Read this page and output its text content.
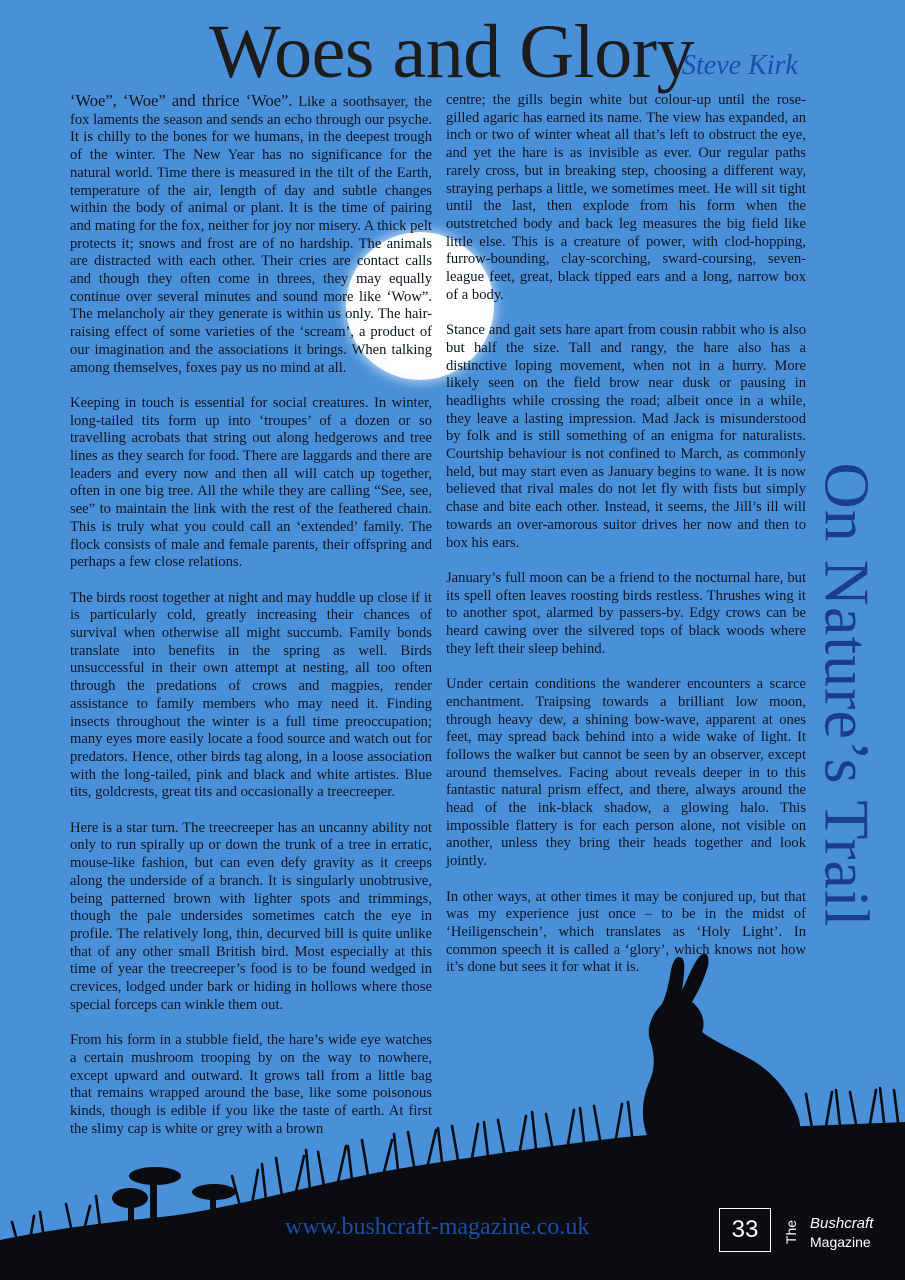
Woes and Glory
Steve Kirk

‘Woe”, ‘Woe” and thrice ‘Woe”. Like a soothsayer, the fox laments the season and sends an echo through our psyche. It is chilly to the bones for we humans, in the deepest trough of the winter. The New Year has no significance for the natural world. Time there is measured in the tilt of the Earth, temperature of the air, length of day and subtle changes within the body of animal or plant. It is the time of pairing and mating for the fox, neither for joy nor misery. A thick pelt protects it; snows and frost are of no hardship. The animals are distracted with each other. Their cries are contact calls and though they often come in threes, they may equally continue over several minutes and sound more like ‘Wow”. The melancholy air they generate is within us only. The hair-raising effect of some varieties of the ‘scream’, a product of our imagination and the associations it brings. When talking among themselves, foxes pay us no mind at all.

Keeping in touch is essential for social creatures. In winter, long-tailed tits form up into ‘troupes’ of a dozen or so travelling acrobats that string out along hedgerows and tree lines as they search for food. There are laggards and there are leaders and every now and then all will catch up together, often in one big tree. All the while they are calling “See, see, see” to maintain the link with the rest of the feathered chain. This is truly what you could call an ‘extended’ family. The flock consists of male and female parents, their offspring and perhaps a few close relations.

The birds roost together at night and may huddle up close if it is particularly cold, greatly increasing their chances of survival when otherwise all might succumb. Family bonds translate into benefits in the spring as well. Birds unsuccessful in their own attempt at nesting, all too often through the predations of crows and magpies, render assistance to family members who may need it. Finding insects throughout the winter is a full time preoccupation; many eyes more easily locate a food source and watch out for predators. Hence, other birds tag along, in a loose association with the long-tailed, pink and black and white artistes. Blue tits, goldcrests, great tits and occasionally a treecreeper.

Here is a star turn. The treecreeper has an uncanny ability not only to run spirally up or down the trunk of a tree in erratic, mouse-like fashion, but can even defy gravity as it creeps along the underside of a branch. It is singularly unobtrusive, being patterned brown with lighter spots and trimmings, though the pale undersides sometimes catch the eye in profile. The relatively long, thin, decurved bill is quite unlike that of any other small British bird. Most especially at this time of year the treecreeper’s food is to be found wedged in crevices, lodged under bark or hiding in hollows where those special forceps can winkle them out.

From his form in a stubble field, the hare’s wide eye watches a certain mushroom trooping by on the way to nowhere, except upward and outward. It grows tall from a little bag that remains wrapped around the base, like some poisonous kinds, though is edible if you like the taste of earth. At first the slimy cap is white or grey with a brown

centre; the gills begin white but colour-up until the rose-gilled agaric has earned its name. The view has expanded, an inch or two of winter wheat all that’s left to obstruct the eye, and yet the hare is as invisible as ever. Our regular paths rarely cross, but in breaking step, choosing a different way, straying perhaps a little, we sometimes meet. He will sit tight until the last, then explode from his form when the outstretched body and back leg measures the big field like little else. This is a creature of power, with clod-hopping, furrow-bounding, clay-scorching, sward-coursing, seven-league feet, great, black tipped ears and a long, narrow box of a body.

Stance and gait sets hare apart from cousin rabbit who is also but half the size. Tall and rangy, the hare also has a distinctive loping movement, when not in a hurry. More likely seen on the field brow near dusk or pausing in headlights while crossing the road; albeit once in a while, they leave a lasting impression. Mad Jack is misunderstood by folk and is still something of an enigma for naturalists. Courtship behaviour is not confined to March, as commonly held, but may start even as January begins to wane. It is now believed that rival males do not let fly with fists but simply chase and bite each other. Instead, it seems, the Jill’s ill will towards an over-amorous suitor drives her now and then to box his ears.

January’s full moon can be a friend to the nocturnal hare, but its spell often leaves roosting birds restless. Thrushes wing it to another spot, alarmed by passers-by. Edgy crows can be heard cawing over the silvered tops of black woods where they left their sleep behind.

Under certain conditions the wanderer encounters a scarce enchantment. Traipsing towards a brilliant low moon, through heavy dew, a shining bow-wave, apparent at ones feet, may spread back behind into a wide wake of light. It follows the walker but cannot be seen by an observer, except around themselves. Facing about reveals deeper in to this fantastic natural prism effect, and there, always around the head of the ink-black shadow, a glowing halo. This impossible flattery is for each person alone, not visible on another, unless they bring their heads together and look jointly.

In other ways, at other times it may be conjured up, but that was my experience just once – to be in the midst of ‘Heiligenschein’, which translates as ‘Holy Light’. In common speech it is called a ‘glory’, which knows not how it’s done but sees it for what it is.

On Nature’s Trail
www.bushcraft-magazine.co.uk	33	The Bushcraft
Magazine
